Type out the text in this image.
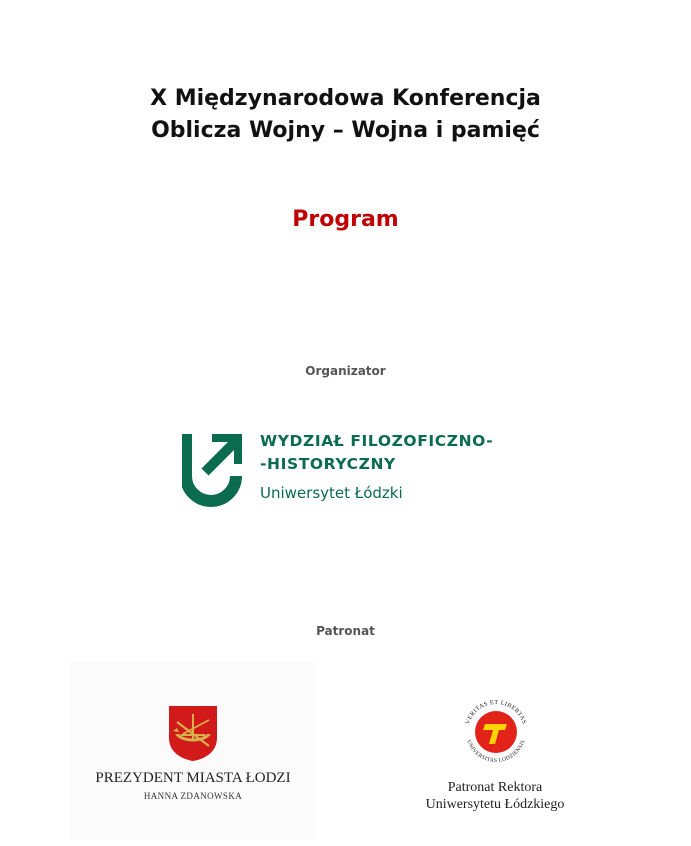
X Międzynarodowa Konferencja
Oblicza Wojny – Wojna i pamięć
Program
Organizator
WYDZIAŁ FILOZOFICZNO-
-HISTORYCZNY
Uniwersytet Łódzki
Patronat
PREZYDENT MIASTA ŁODZI
HANNA ZDANOWSKA
VERITAS ET LIBERTAS
UNIVERSITAS LODZIENSIS
Patronat Rektora
Uniwersytetu Łódzkiego
